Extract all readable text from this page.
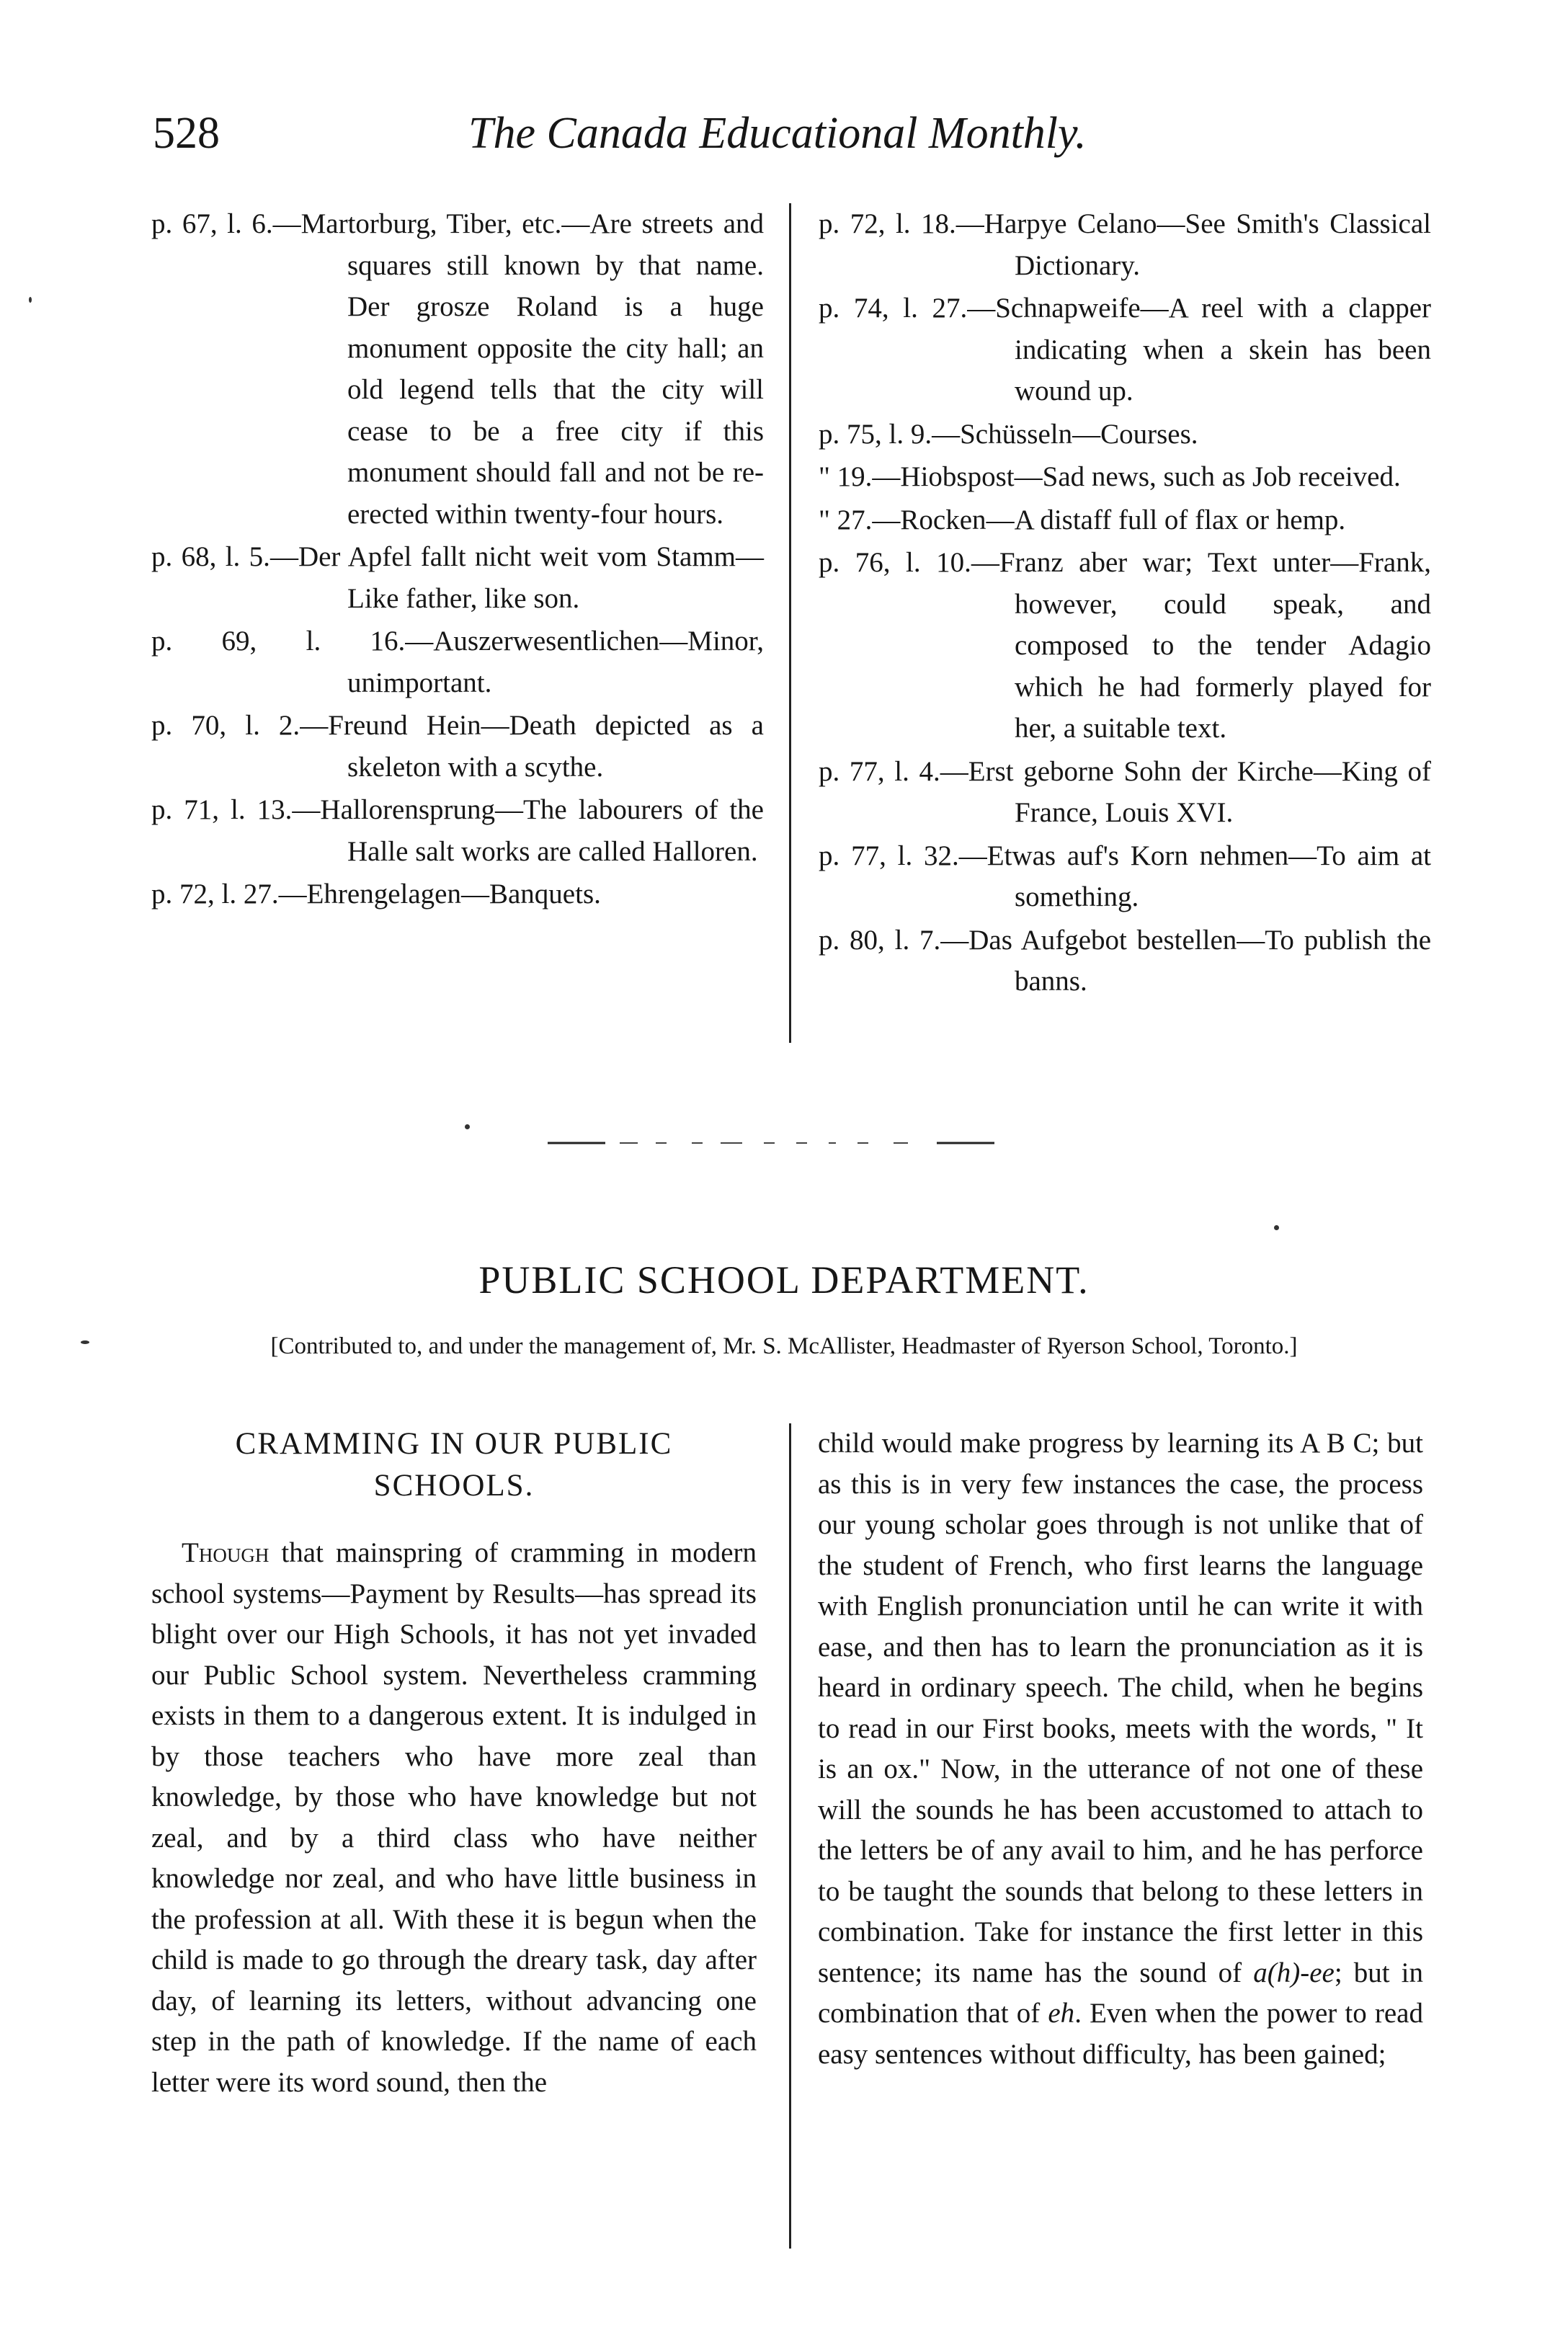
528	The Canada Educational Monthly.
p. 67, l. 6.—Martorburg, Tiber, etc.—Are streets and squares still known by that name. Der grosze Roland is a huge monument opposite the city hall; an old legend tells that the city will cease to be a free city if this monument should fall and not be re-erected within twenty-four hours.
p. 68, l. 5.—Der Apfel fallt nicht weit vom Stamm—Like father, like son.
p. 69, l. 16.—Auszerwesentlichen—Minor, unimportant.
p. 70, l. 2.—Freund Hein—Death depicted as a skeleton with a scythe.
p. 71, l. 13.—Hallorensprung—The labourers of the Halle salt works are called Halloren.
p. 72, l. 27.—Ehrengelagen—Banquets.
p. 72, l. 18.—Harpye Celano—See Smith's Classical Dictionary.
p. 74, l. 27.—Schnapweife—A reel with a clapper indicating when a skein has been wound up.
p. 75, l. 9.—Schüsseln—Courses.
" 19.—Hiobspost—Sad news, such as Job received.
" 27.—Rocken—A distaff full of flax or hemp.
p. 76, l. 10.—Franz aber war; Text unter—Frank, however, could speak, and composed to the tender Adagio which he had formerly played for her, a suitable text.
p. 77, l. 4.—Erst geborne Sohn der Kirche—King of France, Louis XVI.
p. 77, l. 32.—Etwas auf's Korn nehmen—To aim at something.
p. 80, l. 7.—Das Aufgebot bestellen—To publish the banns.
PUBLIC SCHOOL DEPARTMENT.
[Contributed to, and under the management of, Mr. S. McAllister, Headmaster of Ryerson School, Toronto.]
CRAMMING IN OUR PUBLIC SCHOOLS.

Though that mainspring of cramming in modern school systems—Payment by Results—has spread its blight over our High Schools, it has not yet invaded our Public School system. Nevertheless cramming exists in them to a dangerous extent. It is indulged in by those teachers who have more zeal than knowledge, by those who have knowledge but not zeal, and by a third class who have neither knowledge nor zeal, and who have little business in the profession at all. With these it is begun when the child is made to go through the dreary task, day after day, of learning its letters, without advancing one step in the path of knowledge. If the name of each letter were its word sound, then the

child would make progress by learning its A B C; but as this is in very few instances the case, the process our young scholar goes through is not unlike that of the student of French, who first learns the language with English pronunciation until he can write it with ease, and then has to learn the pronunciation as it is heard in ordinary speech. The child, when he begins to read in our First books, meets with the words, " It is an ox." Now, in the utterance of not one of these will the sounds he has been accustomed to attach to the letters be of any avail to him, and he has perforce to be taught the sounds that belong to these letters in combination. Take for instance the first letter in this sentence; its name has the sound of a(h)-ee; but in combination that of eh. Even when the power to read easy sentences without difficulty, has been gained;
